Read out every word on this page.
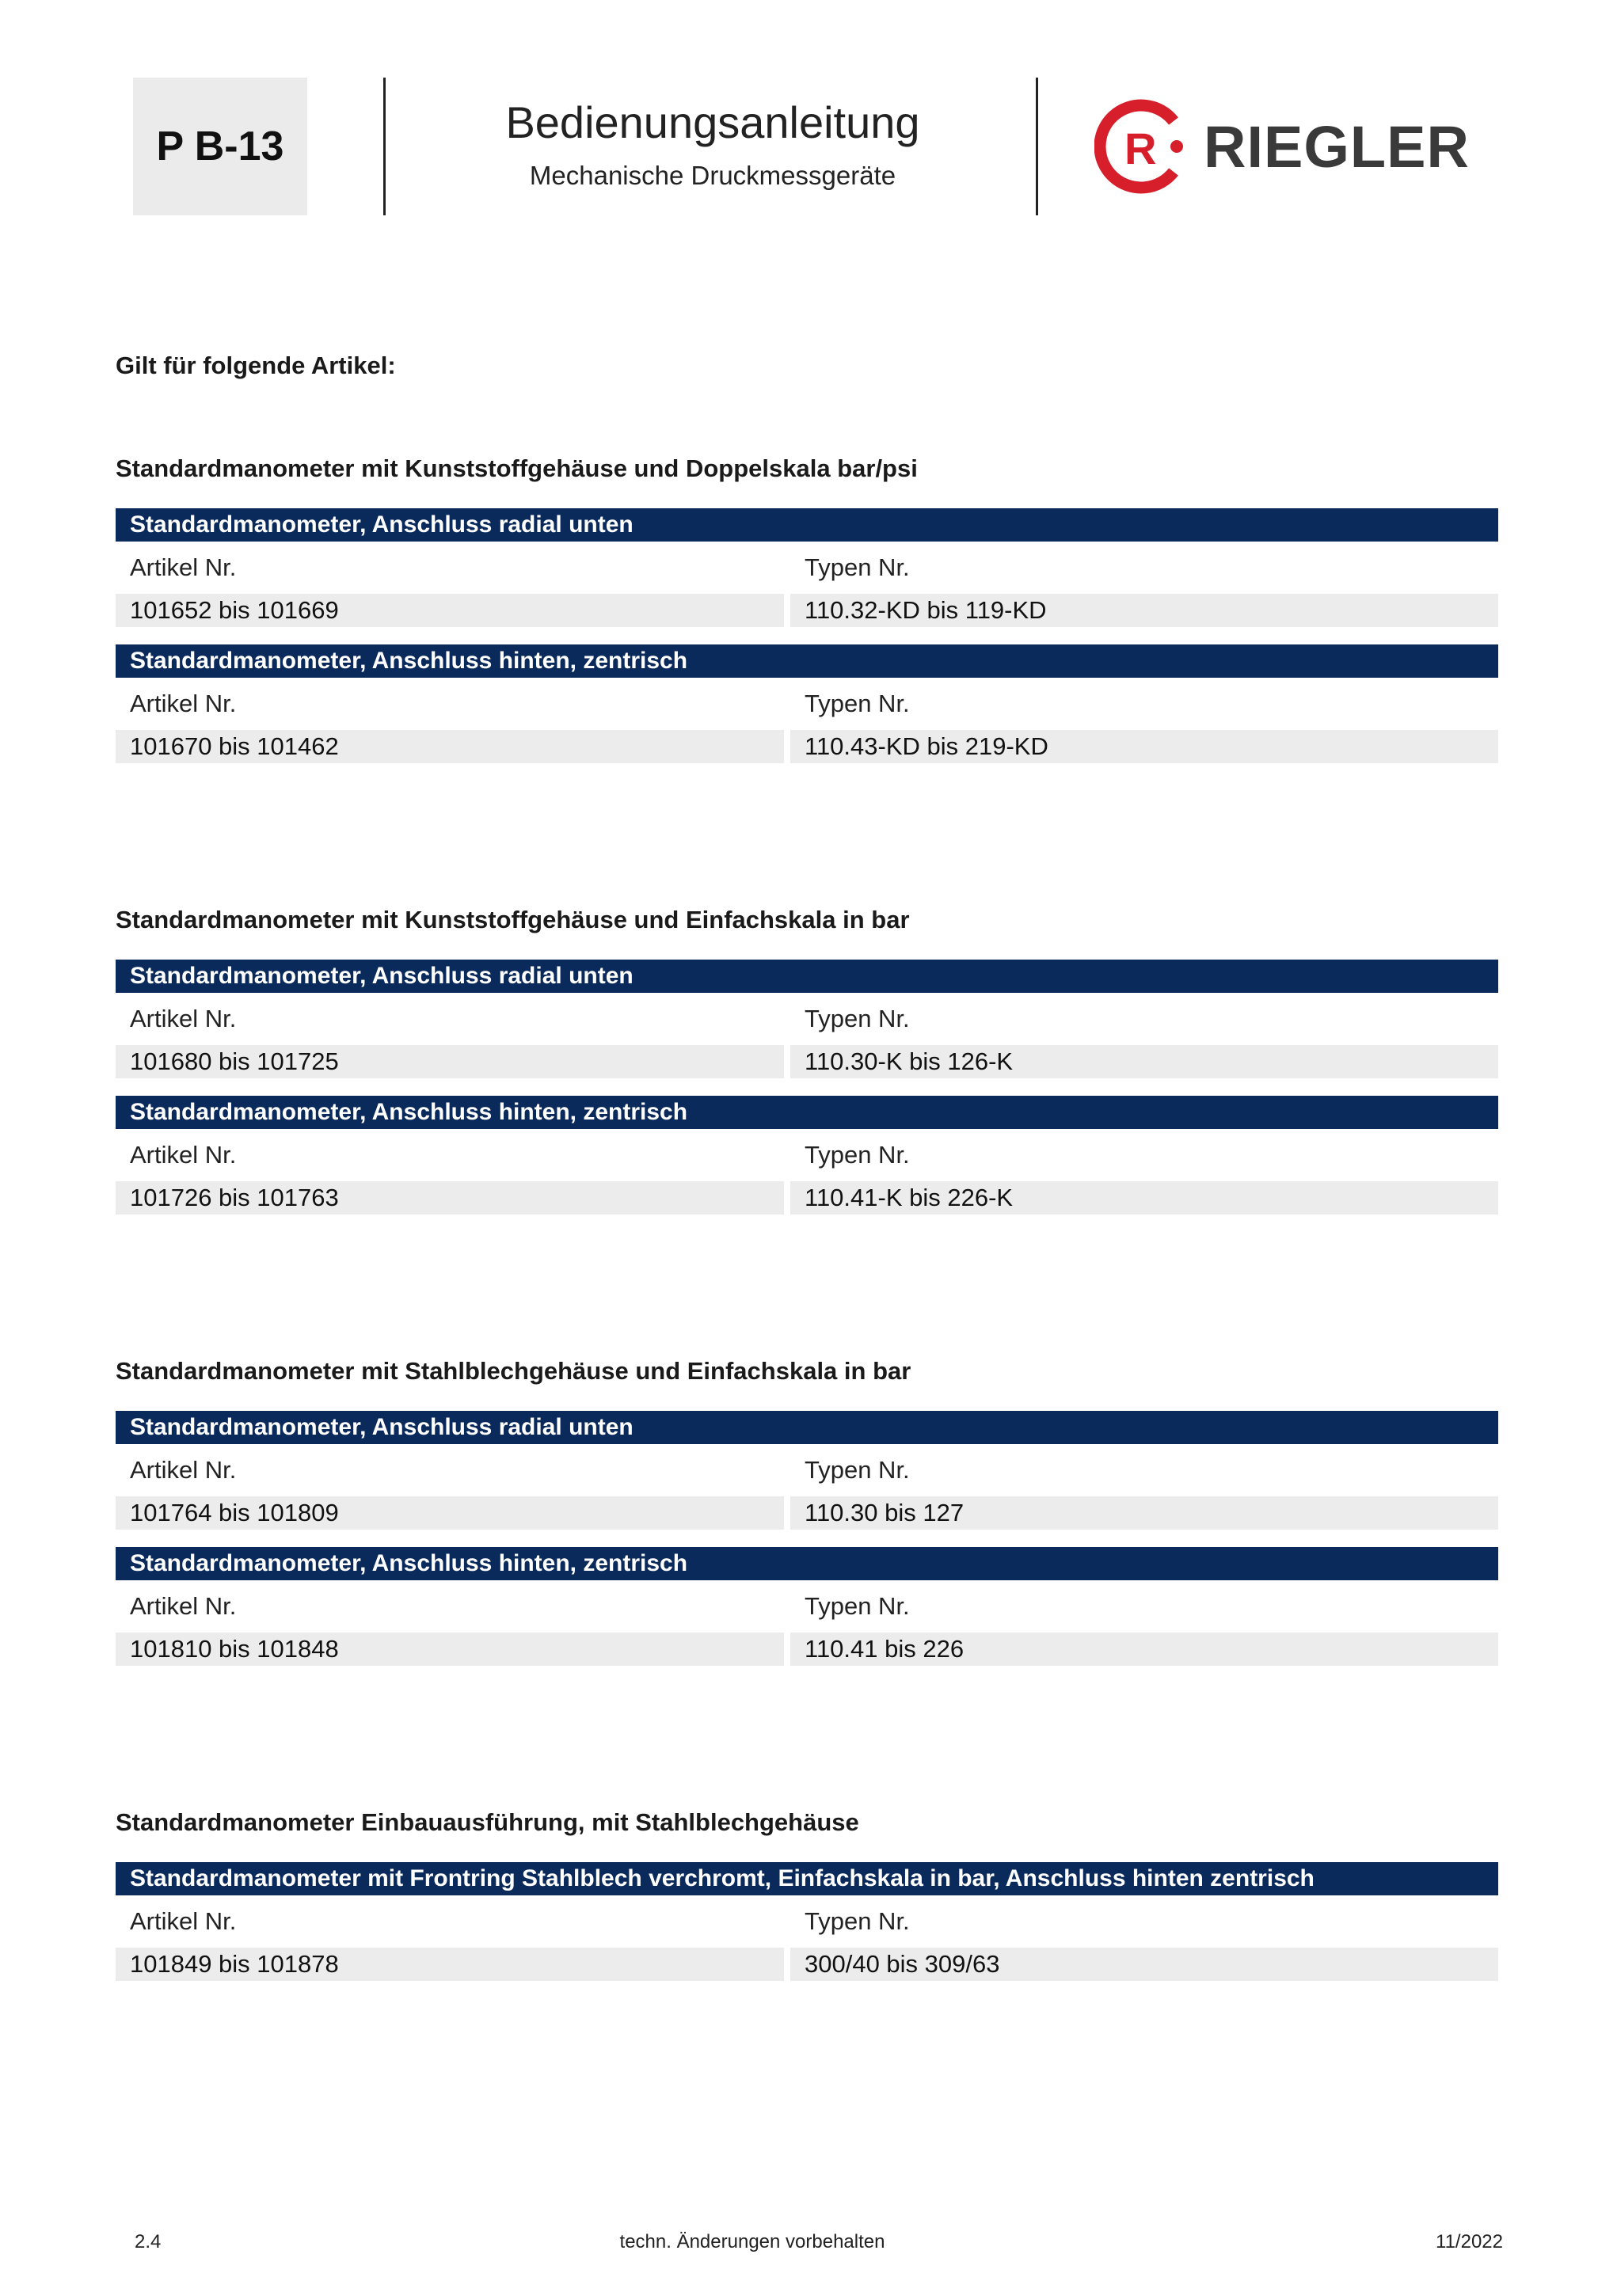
P B-13	Bedienungsanleitung
Mechanische Druckmessgeräte
R RIEGLER
Gilt für folgende Artikel:
Standardmanometer mit Kunststoffgehäuse und Doppelskala bar/psi
Standardmanometer, Anschluss radial unten
Artikel Nr.	Typen Nr.
101652 bis 101669	110.32-KD bis 119-KD
Standardmanometer, Anschluss hinten, zentrisch
Artikel Nr.	Typen Nr.
101670 bis 101462	110.43-KD bis 219-KD
Standardmanometer mit Kunststoffgehäuse und Einfachskala in bar
Standardmanometer, Anschluss radial unten
Artikel Nr.	Typen Nr.
101680 bis 101725	110.30-K bis 126-K
Standardmanometer, Anschluss hinten, zentrisch
Artikel Nr.	Typen Nr.
101726 bis 101763	110.41-K bis 226-K
Standardmanometer mit Stahlblechgehäuse und Einfachskala in bar
Standardmanometer, Anschluss radial unten
Artikel Nr.	Typen Nr.
101764 bis 101809	110.30 bis 127
Standardmanometer, Anschluss hinten, zentrisch
Artikel Nr.	Typen Nr.
101810 bis 101848	110.41 bis 226
Standardmanometer Einbauausführung, mit Stahlblechgehäuse
Standardmanometer mit Frontring Stahlblech verchromt, Einfachskala in bar, Anschluss hinten zentrisch
Artikel Nr.	Typen Nr.
101849 bis 101878	300/40 bis 309/63
2.4	techn. Änderungen vorbehalten	11/2022
